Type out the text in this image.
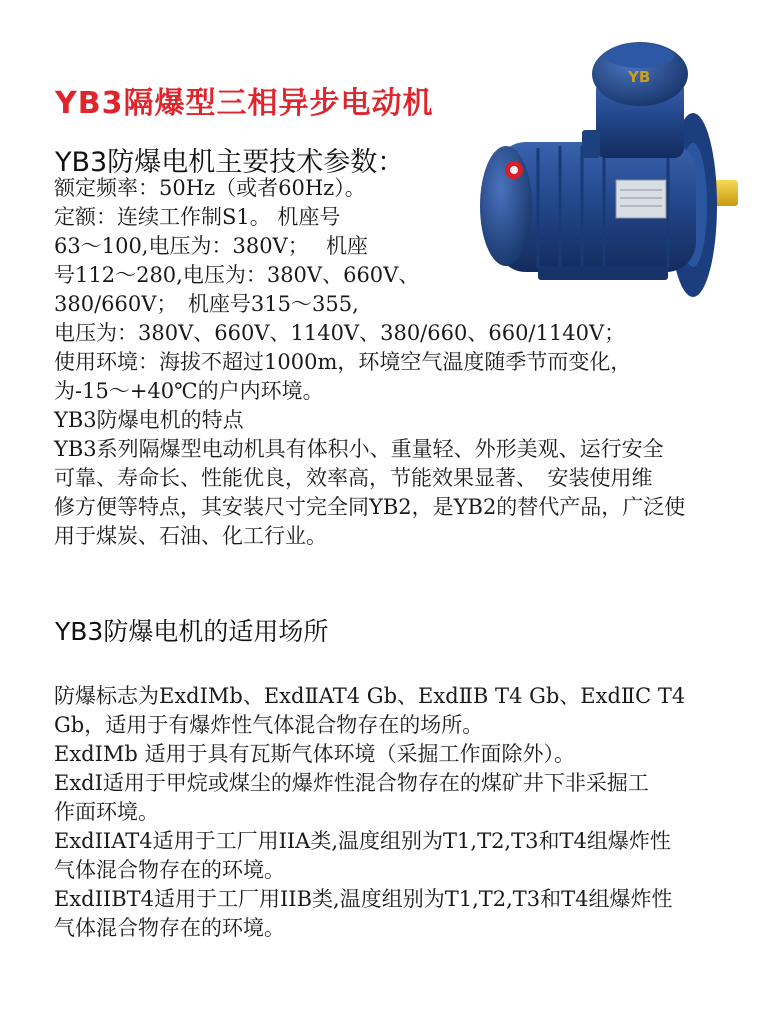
YB3隔爆型三相异步电动机
YB3防爆电机主要技术参数：
额定频率：50Hz（或者60Hz）。
定额：连续工作制S1。 机座号
63～100,电压为：380V；　 机座
号112～280,电压为：380V、660V、
380/660V；　机座号315～355,
电压为：380V、660V、1140V、380/660、660/1140V；
使用环境：海拔不超过1000m，环境空气温度随季节而变化，
为-15～+40℃的户内环境。
YB3防爆电机的特点
YB3系列隔爆型电动机具有体积小、重量轻、外形美观、运行安全
可靠、寿命长、性能优良，效率高，节能效果显著、　安装使用维
修方便等特点，其安装尺寸完全同YB2，是YB2的替代产品，广泛使
用于煤炭、石油、化工行业。
YB3防爆电机的适用场所
防爆标志为ExdⅠMb、ExdⅡAT4 Gb、ExdⅡB T4 Gb、ExdⅡC T4
Gb，适用于有爆炸性气体混合物存在的场所。
ExdIMb 适用于具有瓦斯气体环境（采掘工作面除外）。
ExdI适用于甲烷或煤尘的爆炸性混合物存在的煤矿井下非采掘工
作面环境。
ExdIIAT4适用于工厂用IIA类,温度组别为T1,T2,T3和T4组爆炸性
气体混合物存在的环境。
ExdIIBT4适用于工厂用IIB类,温度组别为T1,T2,T3和T4组爆炸性
气体混合物存在的环境。
YB
